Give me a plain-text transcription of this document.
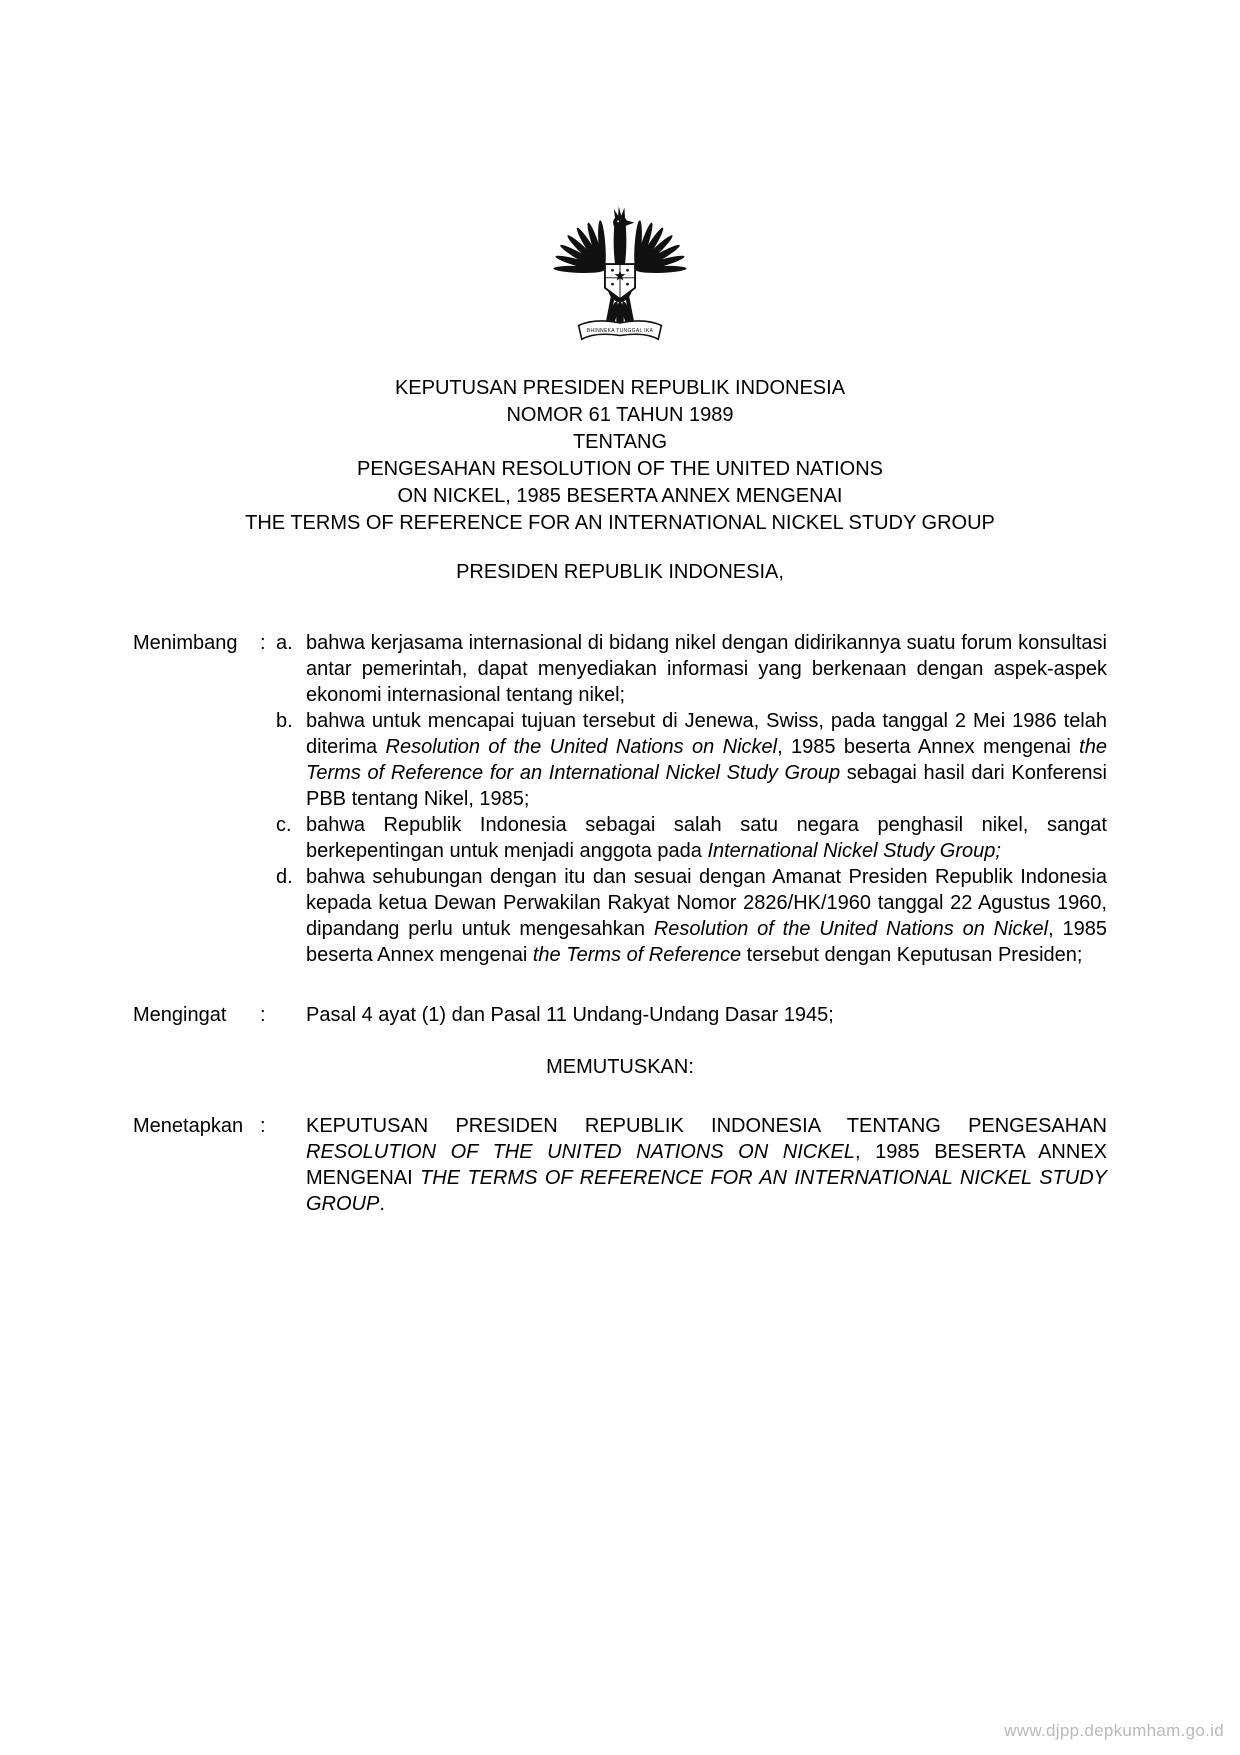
BHINNEKA TUNGGAL IKA
KEPUTUSAN PRESIDEN REPUBLIK INDONESIA
NOMOR 61 TAHUN 1989
TENTANG
PENGESAHAN RESOLUTION OF THE UNITED NATIONS
ON NICKEL, 1985 BESERTA ANNEX MENGENAI
THE TERMS OF REFERENCE FOR AN INTERNATIONAL NICKEL STUDY GROUP
PRESIDEN REPUBLIK INDONESIA,
Menimbang	: a. bahwa kerjasama internasional di bidang nikel dengan didirikannya suatu forum konsultasi antar pemerintah, dapat menyediakan informasi yang berkenaan dengan aspek-aspek ekonomi internasional tentang nikel;

b. bahwa untuk mencapai tujuan tersebut di Jenewa, Swiss, pada tanggal 2 Mei 1986 telah diterima Resolution of the United Nations on Nickel, 1985 beserta Annex mengenai the Terms of Reference for an International Nickel Study Group sebagai hasil dari Konferensi PBB tentang Nikel, 1985;

c. bahwa Republik Indonesia sebagai salah satu negara penghasil nikel, sangat berkepentingan untuk menjadi anggota pada International Nickel Study Group;

d. bahwa sehubungan dengan itu dan sesuai dengan Amanat Presiden Republik Indonesia kepada ketua Dewan Perwakilan Rakyat Nomor 2826/HK/1960 tanggal 22 Agustus 1960, dipandang perlu untuk mengesahkan Resolution of the United Nations on Nickel, 1985 beserta Annex mengenai the Terms of Reference tersebut dengan Keputusan Presiden;

Mengingat	:	Pasal 4 ayat (1) dan Pasal 11 Undang-Undang Dasar 1945;

MEMUTUSKAN:
Menetapkan :	KEPUTUSAN PRESIDEN REPUBLIK INDONESIA TENTANG PENGESAHAN RESOLUTION OF THE UNITED NATIONS ON NICKEL, 1985 BESERTA ANNEX MENGENAI THE TERMS OF REFERENCE FOR AN INTERNATIONAL NICKEL STUDY GROUP.

www.djpp.depkumham.go.id
